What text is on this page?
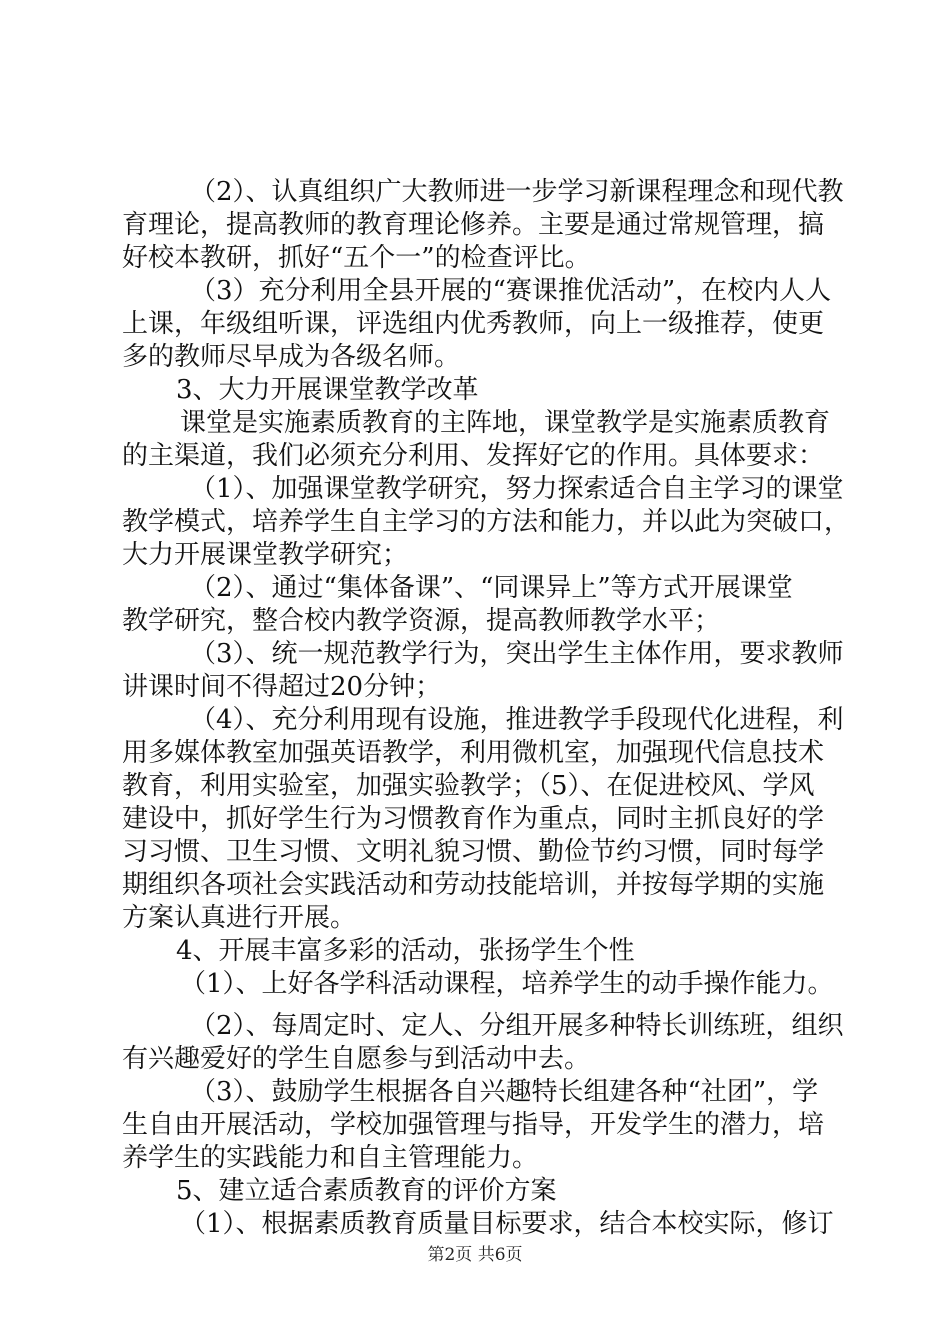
（2）、认真组织广大教师进一步学习新课程理念和现代教
育理论，提高教师的教育理论修养。主要是通过常规管理，搞
好校本教研，抓好“五个一”的检查评比。
（3）充分利用全县开展的“赛课推优活动”，在校内人人
上课，年级组听课，评选组内优秀教师，向上一级推荐，使更
多的教师尽早成为各级名师。
3、大力开展课堂教学改革
课堂是实施素质教育的主阵地，课堂教学是实施素质教育
的主渠道，我们必须充分利用、发挥好它的作用。具体要求：
（1）、加强课堂教学研究，努力探索适合自主学习的课堂
教学模式，培养学生自主学习的方法和能力，并以此为突破口，
大力开展课堂教学研究；
（2）、通过“集体备课”、“同课异上”等方式开展课堂
教学研究，整合校内教学资源，提高教师教学水平；
（3）、统一规范教学行为，突出学生主体作用，要求教师
讲课时间不得超过20分钟；
（4）、充分利用现有设施，推进教学手段现代化进程，利
用多媒体教室加强英语教学，利用微机室，加强现代信息技术
教育，利用实验室，加强实验教学；（5）、在促进校风、学风
建设中，抓好学生行为习惯教育作为重点，同时主抓良好的学
习习惯、卫生习惯、文明礼貌习惯、勤俭节约习惯，同时每学
期组织各项社会实践活动和劳动技能培训，并按每学期的实施
方案认真进行开展。
4、开展丰富多彩的活动，张扬学生个性
（1）、上好各学科活动课程，培养学生的动手操作能力。
（2）、每周定时、定人、分组开展多种特长训练班，组织
有兴趣爱好的学生自愿参与到活动中去。
（3）、鼓励学生根据各自兴趣特长组建各种“社团”，学
生自由开展活动，学校加强管理与指导，开发学生的潜力，培
养学生的实践能力和自主管理能力。
5、建立适合素质教育的评价方案
（1）、根据素质教育质量目标要求，结合本校实际，修订
第2页 共6页
